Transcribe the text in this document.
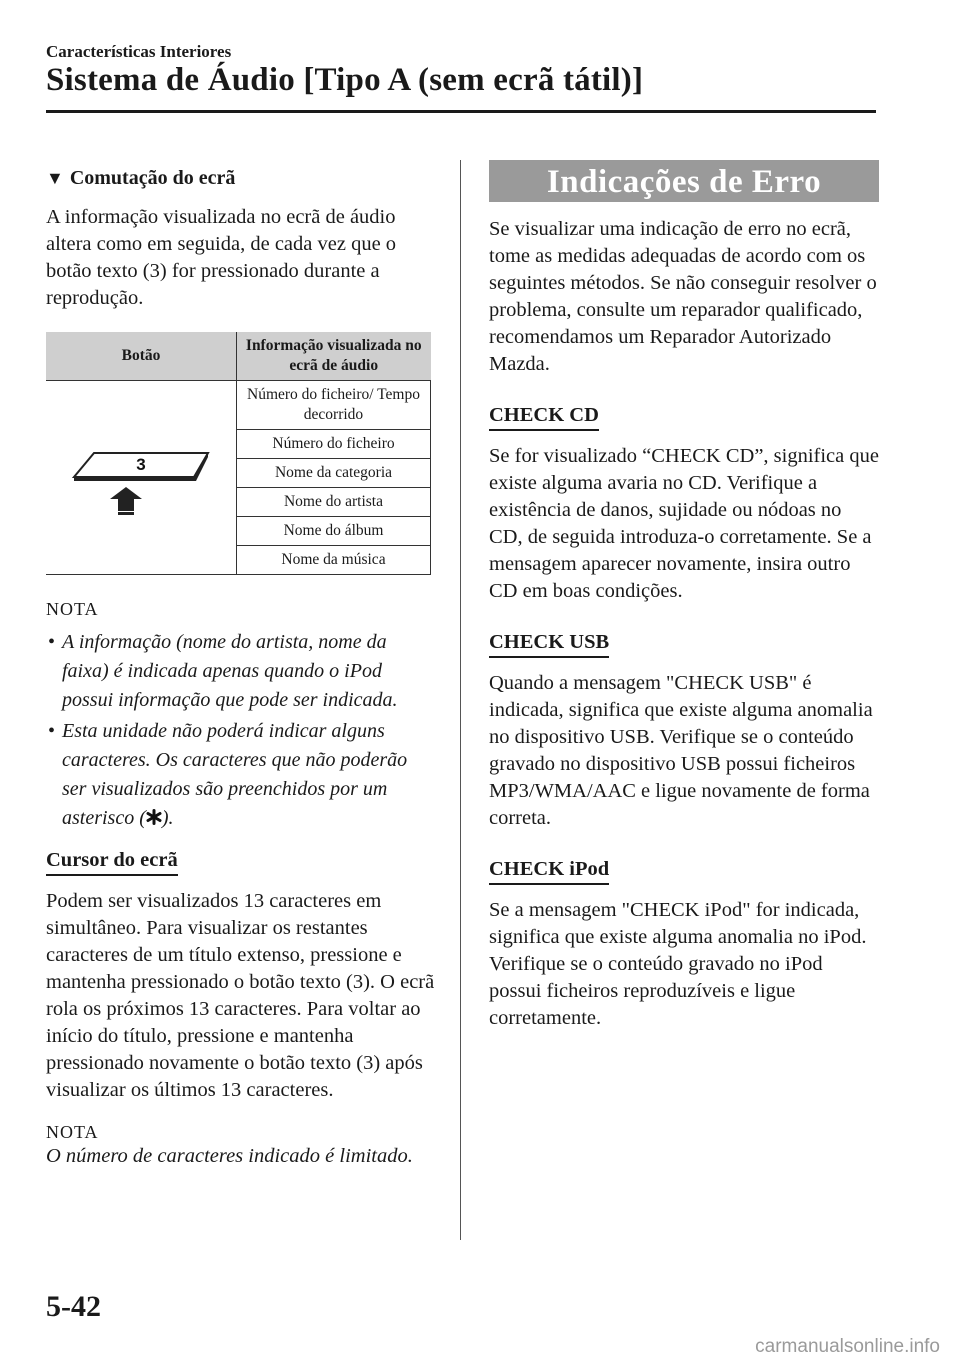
Características Interiores
Sistema de Áudio [Tipo A (sem ecrã tátil)]
▼ Comutação do ecrã

A informação visualizada no ecrã de áudio altera como em seguida, de cada vez que o botão texto (3) for pressionado durante a reprodução.

Botão	Informação visualizada no ecrã de áudio

3	Número do ficheiro/ Tempo decorrido
	Número do ficheiro
	Nome da categoria
	Nome do artista
	Nome do álbum
	Nome da música
NOTA
• A informação (nome do artista, nome da faixa) é indicada apenas quando o iPod possui informação que pode ser indicada.
• Esta unidade não poderá indicar alguns caracteres. Os caracteres que não poderão ser visualizados são preenchidos por um asterisco ( ).
Cursor do ecrã

Podem ser visualizados 13 caracteres em simultâneo. Para visualizar os restantes caracteres de um título extenso, pressione e mantenha pressionado o botão texto (3). O ecrã rola os próximos 13 caracteres. Para voltar ao início do título, pressione e mantenha pressionado novamente o botão texto (3) após visualizar os últimos 13 caracteres.

NOTA

O número de caracteres indicado é limitado.

Indicações de Erro

Se visualizar uma indicação de erro no ecrã, tome as medidas adequadas de acordo com os seguintes métodos. Se não conseguir resolver o problema, consulte um reparador qualificado, recomendamos um Reparador Autorizado Mazda.

CHECK CD

Se for visualizado “CHECK CD”, significa que existe alguma avaria no CD. Verifique a existência de danos, sujidade ou nódoas no CD, de seguida introduza-o corretamente. Se a mensagem aparecer novamente, insira outro CD em boas condições.

CHECK USB

Quando a mensagem "CHECK USB" é indicada, significa que existe alguma anomalia no dispositivo USB. Verifique se o conteúdo gravado no dispositivo USB possui ficheiros MP3/WMA/AAC e ligue novamente de forma correta.

CHECK iPod

Se a mensagem "CHECK iPod" for indicada, significa que existe alguma anomalia no iPod. Verifique se o conteúdo gravado no iPod possui ficheiros reproduzíveis e ligue corretamente.

5-42
carmanualsonline.info
